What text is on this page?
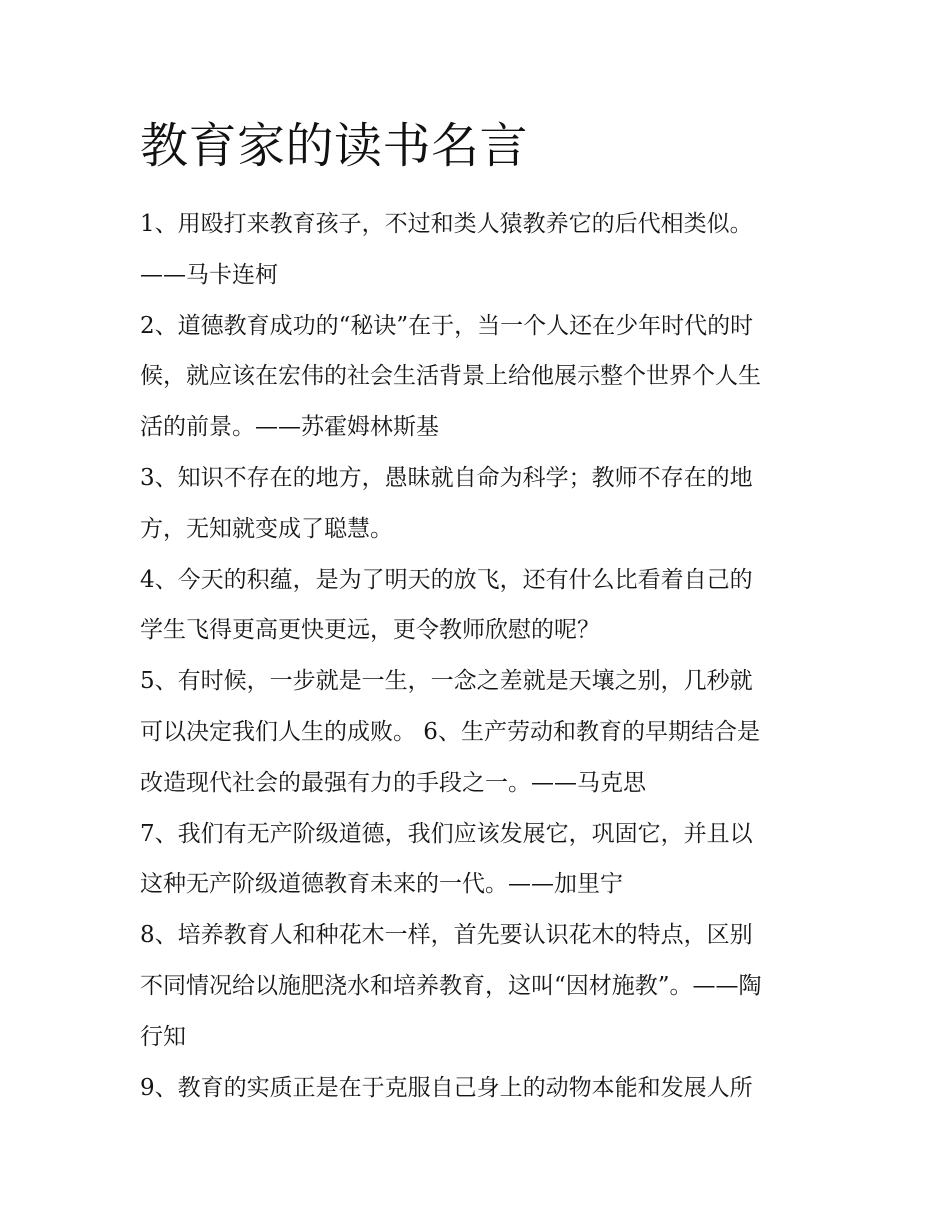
教育家的读书名言
1、用殴打来教育孩子，不过和类人猿教养它的后代相类似。
——马卡连柯
2、道德教育成功的“秘诀”在于，当一个人还在少年时代的时
候，就应该在宏伟的社会生活背景上给他展示整个世界个人生
活的前景。——苏霍姆林斯基
3、知识不存在的地方，愚昧就自命为科学；教师不存在的地
方，无知就变成了聪慧。
4、今天的积蕴，是为了明天的放飞，还有什么比看着自己的
学生飞得更高更快更远，更令教师欣慰的呢？
5、有时候，一步就是一生，一念之差就是天壤之别，几秒就
可以决定我们人生的成败。 6、生产劳动和教育的早期结合是
改造现代社会的最强有力的手段之一。——马克思
7、我们有无产阶级道德，我们应该发展它，巩固它，并且以
这种无产阶级道德教育未来的一代。——加里宁
8、培养教育人和种花木一样，首先要认识花木的特点，区别
不同情况给以施肥浇水和培养教育，这叫“因材施教”。——陶
行知
9、教育的实质正是在于克服自己身上的动物本能和发展人所
